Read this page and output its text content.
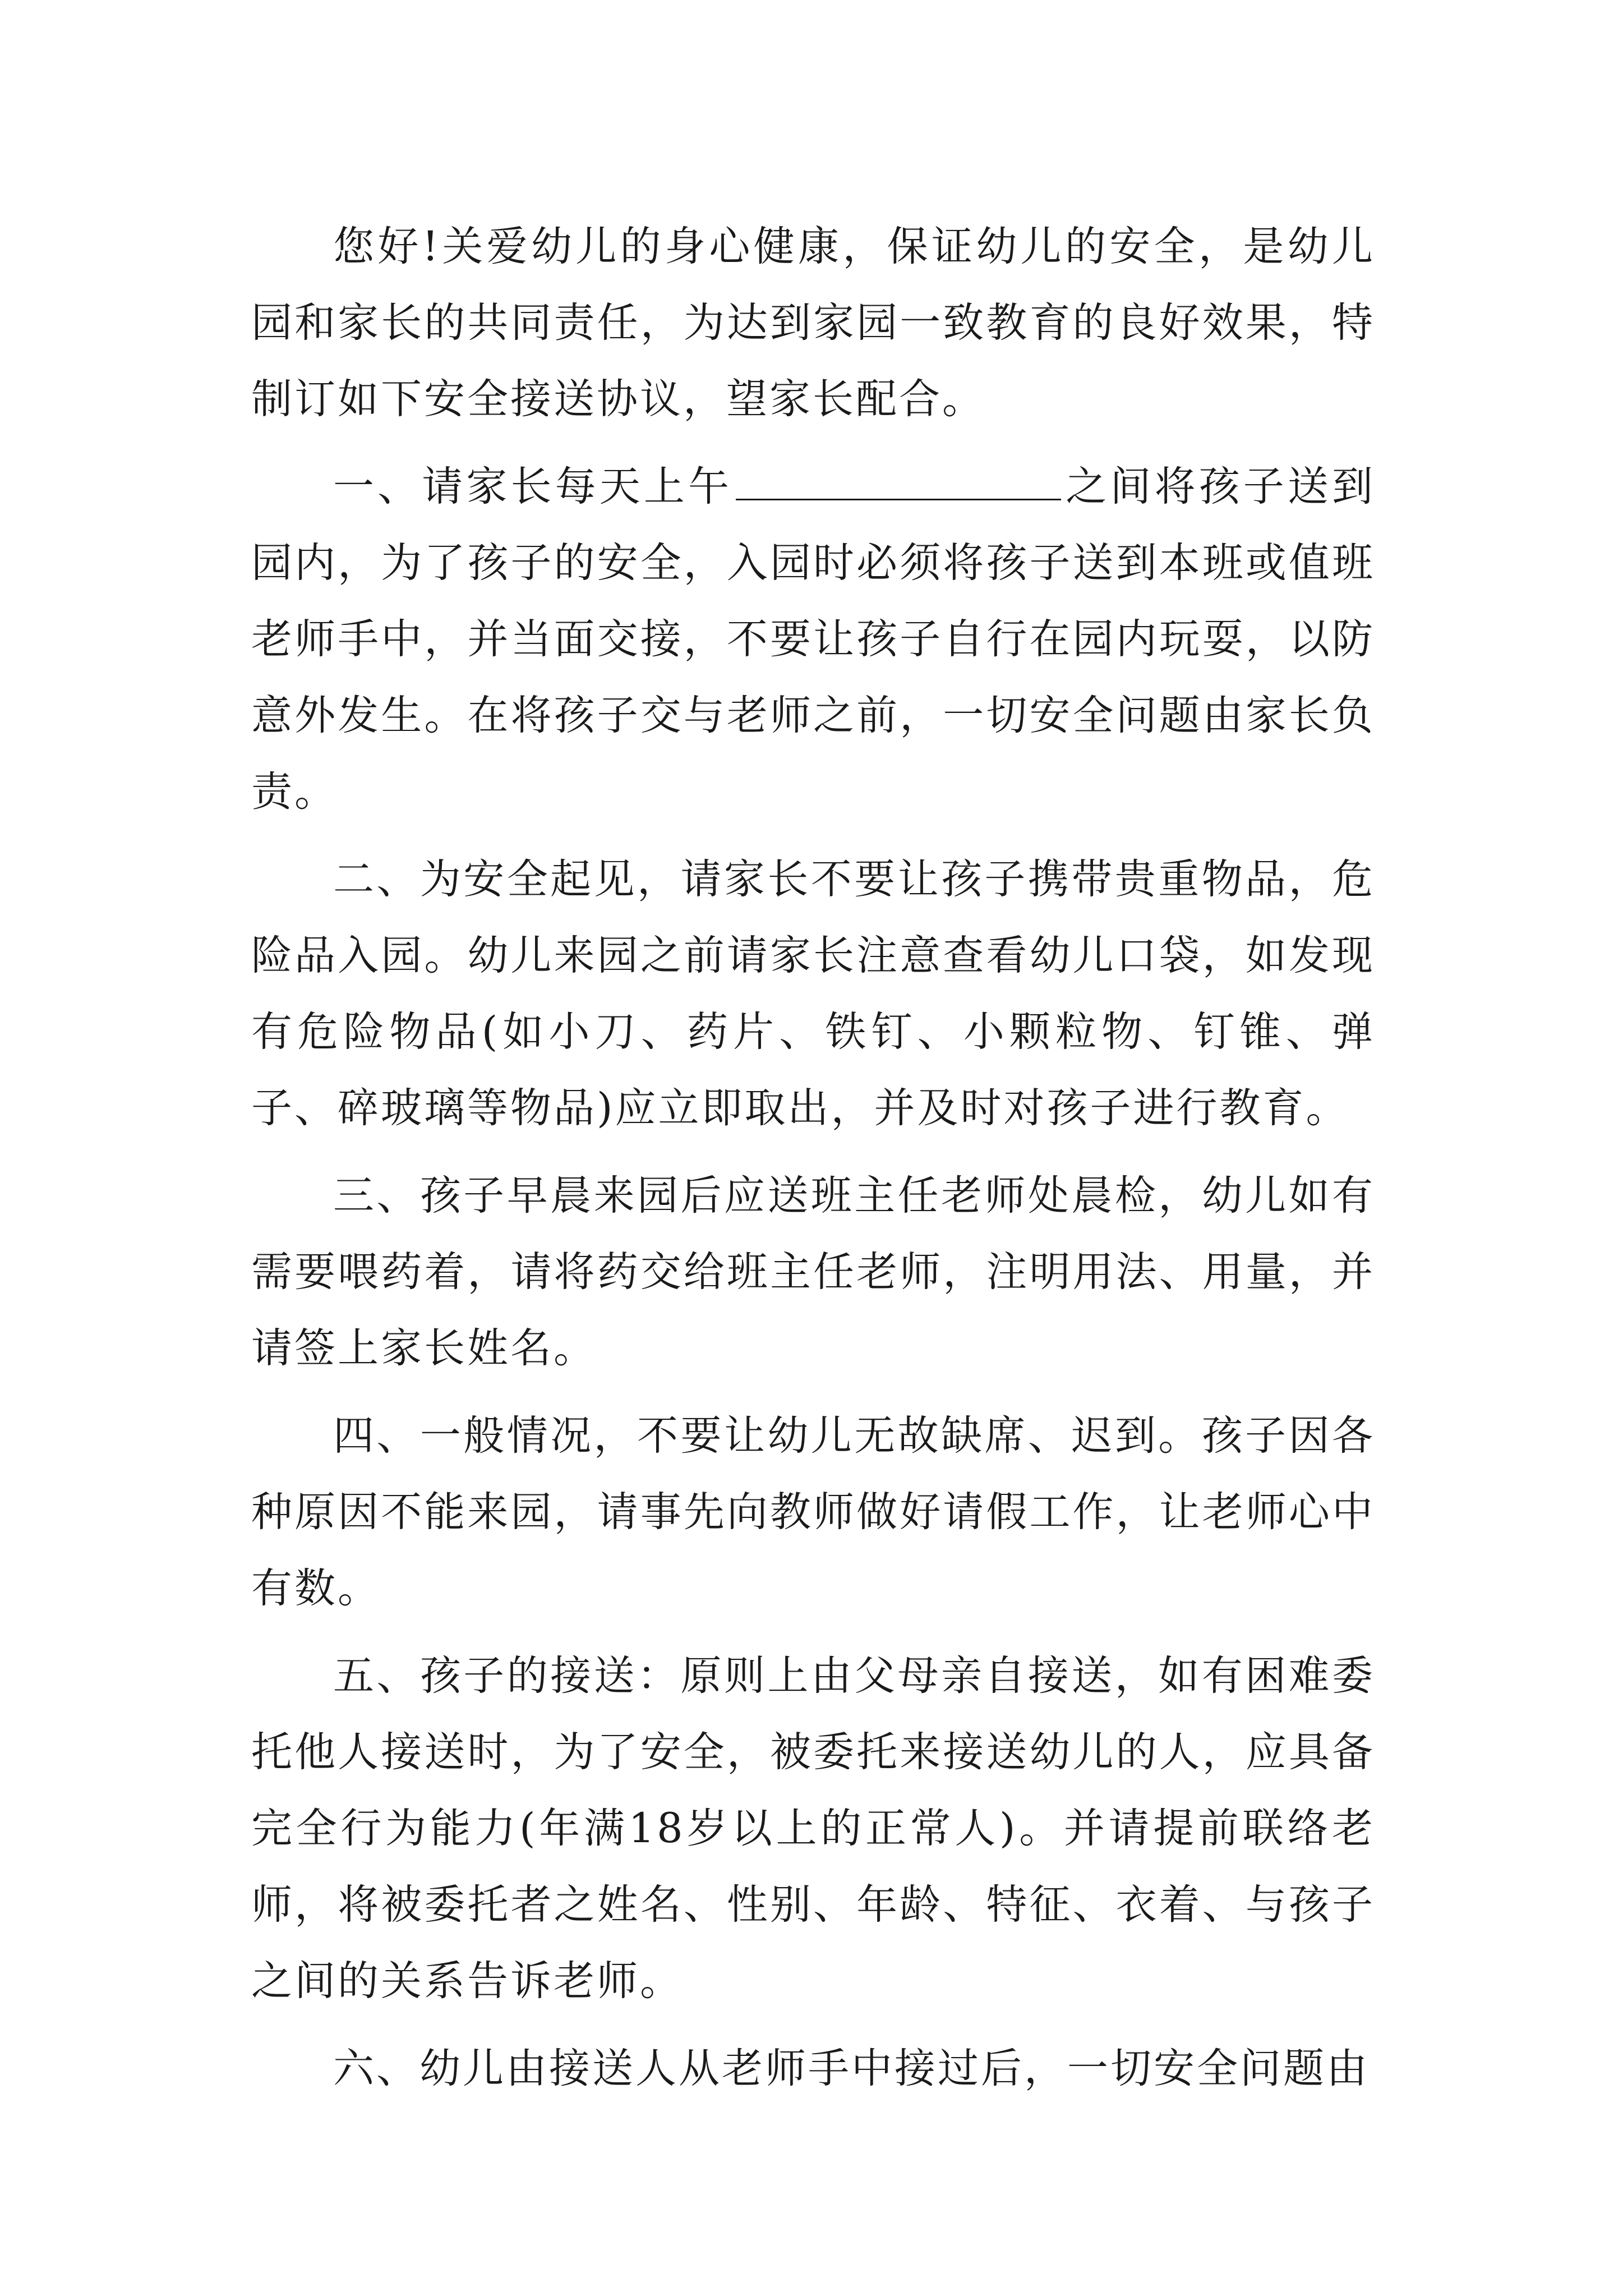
您好!关爱幼儿的身心健康，保证幼儿的安全，是幼儿园和家长的共同责任，为达到家园一致教育的良好效果，特制订如下安全接送协议，望家长配合。

一、请家长每天上午	之间将孩子送到园内，为了孩子的安全，入园时必须将孩子送到本班或值班老师手中，并当面交接，不要让孩子自行在园内玩耍，以防意外发生。在将孩子交与老师之前，一切安全问题由家长负责。

二、为安全起见，请家长不要让孩子携带贵重物品，危险品入园。幼儿来园之前请家长注意查看幼儿口袋，如发现有危险物品(如小刀、药片、铁钉、小颗粒物、钉锥、弹子、碎玻璃等物品)应立即取出，并及时对孩子进行教育。

三、孩子早晨来园后应送班主任老师处晨检，幼儿如有需要喂药着，请将药交给班主任老师，注明用法、用量，并请签上家长姓名。

四、一般情况，不要让幼儿无故缺席、迟到。孩子因各种原因不能来园，请事先向教师做好请假工作，让老师心中有数。

五、孩子的接送：原则上由父母亲自接送，如有困难委托他人接送时，为了安全，被委托来接送幼儿的人，应具备完全行为能力(年满18岁以上的正常人)。并请提前联络老师，将被委托者之姓名、性别、年龄、特征、衣着、与孩子之间的关系告诉老师。

六、幼儿由接送人从老师手中接过后，一切安全问题由
